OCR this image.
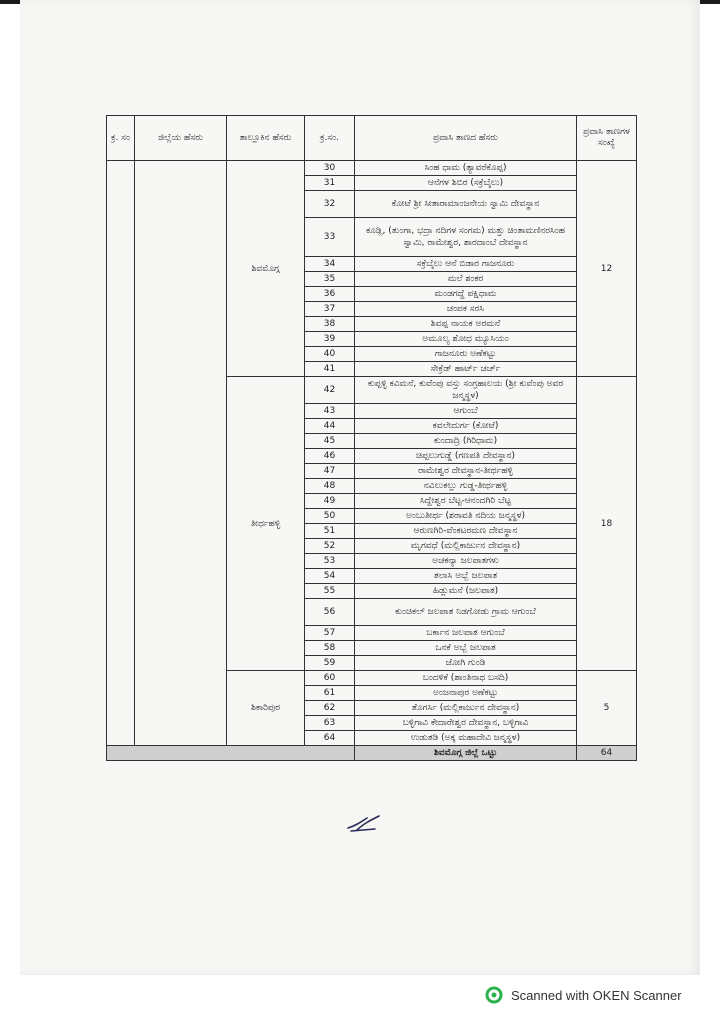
ಕ್ರ. ಸಂ	ಜಿಲ್ಲೆಯ ಹೆಸರು	ತಾಲ್ಲೂಕಿನ ಹೆಸರು	ಕ್ರ.ಸಂ.	ಪ್ರವಾಸಿ ತಾಣದ ಹೆಸರು	ಪ್ರವಾಸಿ ತಾಣಗಳ ಸಂಖ್ಯೆ
		ಶಿವಮೊಗ್ಗ	30	ಸಿಂಹ ಧಾಮ (ತ್ಯಾವರೆಕೊಪ್ಪ)	12
			31	ಆನೆಗಳ ಶಿಬಿರ (ಸಕ್ರೆಬೈಲು)	
			32	ಕೋಟೆ ಶ್ರೀ ಸೀತಾರಾಮಾಂಜನೇಯ ಸ್ವಾಮಿ ದೇವಸ್ಥಾನ	
			33	ಕೂಡ್ಲಿ, (ತುಂಗಾ, ಭದ್ರಾ ನದಿಗಳ ಸಂಗಮ) ಮತ್ತು ಚಿಂತಾಮಣಿನರಸಿಂಹ ಸ್ವಾಮಿ, ರಾಮೇಶ್ವರ, ಶಾರದಾಂಬೆ ದೇವಸ್ಥಾನ	
			34	ಸಕ್ರೆಬೈಲು ಆನೆ ಬಿಡಾರ ಗಾಜನೂರು	
			35	ಮಲೆ ಶಂಕರ	
			36	ಮಂಡಗದ್ದೆ ಪಕ್ಷಿಧಾಮ	
			37	ಚಂಪಕ ಸರಸಿ	
			38	ಶಿವಪ್ಪ ನಾಯಕ ಅರಮನೆ	
			39	ಅಮೂಲ್ಯ ಶೋಧ ಮ್ಯೂಸಿಯಂ	
			40	ಗಾಜನೂರು ಅಣೆಕಟ್ಟು	
			41	ಸೇಕ್ರೆಡ್ ಹಾರ್ಟ್ ಚರ್ಚ್	
		ತೀರ್ಥಹಳ್ಳಿ	42	ಕುಪ್ಪಳ್ಳಿ ಕವಿಮನೆ, ಕುವೆಂಪು ವಸ್ತು ಸಂಗ್ರಹಾಲಯ (ಶ್ರೀ ಕುವೆಂಪು ಅವರ ಜನ್ಮಸ್ಥಳ)	18
			43	ಆಗುಂಬೆ	
			44	ಕವಲೇದುರ್ಗ (ಕೋಟೆ)	
			45	ಕುಂದಾದ್ರಿ (ಗಿರಿಧಾಮ)	
			46	ಚಿಪ್ಪಲುಗುಡ್ಡೆ (ಗಣಪತಿ ದೇವಸ್ಥಾನ)	
			47	ರಾಮೇಶ್ವರ ದೇವಸ್ಥಾನ-ತೀರ್ಥಹಳ್ಳಿ	
			48	ನವಿಲುಕಲ್ಲು ಗುಡ್ಡ-ತೀರ್ಥಹಳ್ಳಿ	
			49	ಸಿದ್ದೇಶ್ವರ ಬೆಟ್ಟ-ಆನಂದಗಿರಿ ಬೆಟ್ಟ	
			50	ಅಂಬುತೀರ್ಥ (ಶರಾವತಿ ನದಿಯ ಜನ್ಮಸ್ಥಳ)	
			51	ಆರುಣಗಿರಿ-ವೆಂಕಟರಮಣ ದೇವಸ್ಥಾನ	
			52	ಮೃಗವಧೆ (ಮಲ್ಲಿಕಾರ್ಜುನ ದೇವಸ್ಥಾನ)	
			53	ಅಚಕನ್ಯಾ ಜಲಪಾತಗಳು	
			54	ತಲಾಸಿ ಅಬ್ಬೆ ಜಲಪಾತ	
			55	ಹಿಡ್ಲುಮನೆ (ಜಲಪಾತ)	
			56	ಕುಂಚಿಕಲ್ ಜಲಪಾತ ನಿಡಗೋಡು ಗ್ರಾಮ ಆಗುಂಬೆ	
			57	ಬರ್ಕಾನ ಜಲಪಾತ ಆಗುಂಬೆ	
			58	ಒನಕೆ ಅಬ್ಬೆ ಜಲಪಾತ	
			59	ಜೋಗಿ ಗುಂಡಿ	
		ಶಿಕಾರಿಪುರ	60	ಬಂದಳಿಕೆ (ಶಾಂತಿನಾಥ ಬಸದಿ)	5
			61	ಅಂಜನಾಪುರ ಅಣೆಕಟ್ಟು	
			62	ತೊಗರ್ಸಿ (ಮಲ್ಲಿಕಾರ್ಜುನ ದೇವಸ್ಥಾನ)	
			63	ಬಳ್ಳಿಗಾವಿ ಕೇದಾರೇಶ್ವರ ದೇವಸ್ಥಾನ, ಬಳ್ಳಿಗಾವಿ	
			64	ಉಡುತಡಿ (ಅಕ್ಕ ಮಹಾದೇವಿ ಜನ್ಮಸ್ಥಳ)	
				ಶಿವಮೊಗ್ಗ ಜಿಲ್ಲೆ ಒಟ್ಟು	64
Scanned with OKEN Scanner
